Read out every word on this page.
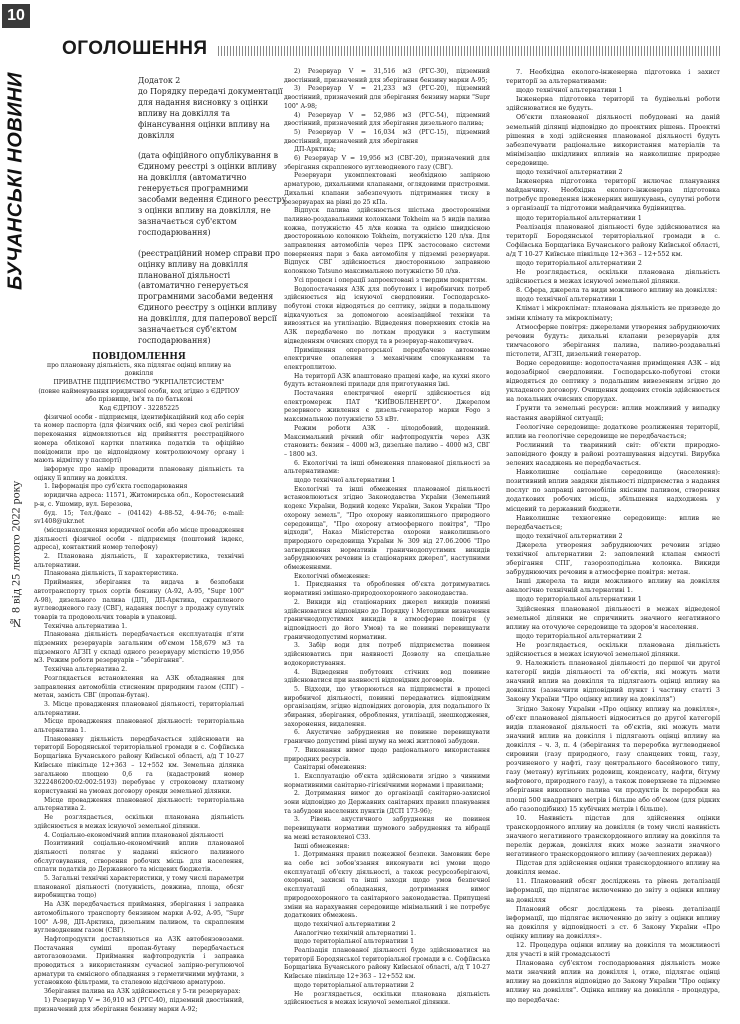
10
БУЧАНСЬКІ НОВИНИ
№ 8 від 25 лютого 2022 року
ОГОЛОШЕННЯ

Додаток 2

до Порядку передачі документації для надання висновку з оцінки впливу на довкілля та фінансування оцінки впливу на довкілля

(дата офіційного опублікування в Єдиному реєстрі з оцінки впливу на довкілля (автоматично генерується програмними засобами ведення Єдиного реєстру з оцінки впливу на довкілля, не зазначається суб'єктом господарювання)

(реєстраційний номер справи про оцінку впливу на довкілля планованої діяльності (автоматично генерується програмними засобами ведення Єдиного реєстру з оцінки впливу на довкілля, для паперової версії зазначається суб'єктом господарювання)

ПОВІДОМЛЕННЯ

про плановану діяльність, яка підлягає оцінці впливу на довкілля

ПРИВАТНЕ ПІДПРИЄМСТВО "УКРПАЛЕТСИСТЕМ"

(повне найменування юридичної особи, код згідно з ЄДРПОУ або прізвище, ім'я та по батькові

Код ЄДРПОУ - 32285225

фізичної особи - підприємця, ідентифікаційний код або серія та номер паспорта (для фізичних осіб, які через свої релігійні переконання відмовляються від прийняття реєстраційного номера облікової картки платника податків та офіційно повідомили про це відповідному контролюючому органу і мають відмітку у паспорті)

інформує про намір провадити плановану діяльність та оцінку її впливу на довкілля.

1. Інформація про суб'єкта господарювання

юридична адреса: 11571, Житомирська обл., Коростенський р-н, с. Ушомир, вул. Березова,

буд. 15; Тел./факс – (04142) 4-88-52, 4-94-76; e-mail: sv1408@ukr.net

(місцезнаходження юридичної особи або місце провадження діяльності фізичної особи - підприємця (поштовий індекс, адреса), контактний номер телефону)

2. Планована діяльність, її характеристика, технічні альтернативи.

Планована діяльність, її характеристика.

Приймання, зберігання та видача в безпобаки автотранспорту трьох сортів бензину (А-92, А-95, "Supr 100" А-98), дизельного палива (ДП), ДП-Арктика, скрапленого вуглеводневого газу (СВГ), надання послуг з продажу супутніх товарів та продовольчих товарів в упаковці.

Технічна альтернатива 1.

Планована діяльність передбачається експлуатація п'яти підземних резервуарів загальним об'ємом 158,679 м3 та підземного АГЗП у складі одного резервуару місткістю 19,956 м3. Режим роботи резервуарів – "зберігання".

Технічна альтернатива 2.

Розглядається встановлення на АЗК обладнання для заправлення автомобілів стисненим природним газом (СПГ) – метан, замість СВГ (пропан-бутан).

3. Місце провадження планованої діяльності, територіальні альтернативи.

Місце провадження планованої діяльності: територіальна альтернатива 1.

Планованну діяльність передбачається здійснювати на території Бородянської територіальної громади в с. Софіївська Борщагівка Бучанського району Київської області, а/д Т 10-27 Київське півкільце 12+363 – 12+552 км. Земельна ділянка загальною площею 0,6 га (кадастровий номер 3222486200:02:002:5193) перебуває у строковому платному користуванні на умовах договору оренди земельної ділянки.

Місце провадження планованої діяльності: територіальна альтернатива 2.

Не розглядається, оскільки планована діяльність здійснюється в межах існуючої земельної ділянки.

4. Соціально-економічний вплив планованої діяльності

Позитивний соціально-економічний вплив планованої діяльності полягає у наданні якісного паливного обслуговування, створення робочих місць для населення, сплати податків до Державного та місцевих бюджетів.

5. Загальні технічні характеристики, у тому числі параметри планованої діяльності (потужність, довжина, площа, обсяг виробництва тощо)

На АЗК передбачається приймання, зберігання і заправка автомобільного транспорту бензином марки А-92, А-95, "Supr 100" А-98, ДП-Арктика, дизельним паливом, та скрапленим вуглеводневим газом (СВГ).

Нафтопродукти доставляються на АЗК автобензовозами. Постачання суміші пропан-бутану передбачається автогазовозами. Приймання нафтопродуктів і заправка проводиться з використанням сучасної запірно-регулюючої арматури та ємнісного обладнання з герметичними муфтами, з установкою фільтрами, та сталевою відсічною арматурою.

Зберігання палива на АЗК здійснюється у 5-ти резервуарах:

1) Резервуар V = 36,910 м3 (РГС-40), підземний двостінний, призначений для зберігання бензину марки А-92;

2) Резервуар V = 31,516 м3 (РГС-30), підземний двостінний, призначений для зберігання бензину марки А-95;

3) Резервуар V = 21,233 м3 (РГС-20), підземний двостінний, призначений для зберігання бензину марки "Supr 100" А-98;

4) Резервуар V = 52,986 м3 (РГС-54), підземний двостінний, призначений для зберігання дизельного палива;

5) Резервуар V = 16,034 м3 (РГС-15), підземний двостінний, призначений для зберігання

ДП-Арктика;

6) Резервуар V = 19,956 м3 (СВГ-20), призначений для зберігання скрапленого вуглеводневого газу (СВГ).

Резервуари укомплектовані необхідною запірною арматурою, дихальними клапанами, оглядовими пристроями. Дихальні клапани забезпечують підтримання тиску в резервуарах на рівні до 25 кПа.

Відпуск палива здійснюється шістьма двосторонніми паливно-роздавальними колонками Tokheim на 5 видів палива кожна, потужністю 45 л/хв кожна та однією швидкісною двосторонньою колонкою Tokheim, потужністю 120 л/хв. Для заправлення автомобілів через ПРК застосовано системи повернення пари з бака автомобіля у підземні резервуари. Відпуск СВГ здійснюється двосторонньою заправною колонкою Tatsuno максимальною потужністю 50 л/хв.

Усі процеси і операції запроектовані з твердим покриттям.

Водопостачання АЗК для побутових і виробничих потреб здійснюється від існуючої свердловини. Господарсько-побутові стоки відводяться до септику, звідки в подальшому відкачуються за допомогою асенізаційної техніки та вивозяться на утилізацію. Відведення поверхневих стоків на АЗК передбачено по лоткам продувки з наступним відведенням очисних споруд та в резервуар-накопичувач.

Приміщення операторської передбачено автономне електричне опалення з механічним спонуканням та електроплитою.

На території АЗК влаштовано пращеві кафе, на кухні якого будуть встановлені прилади для приготування їжі.

Постачання електричної енергії здійснюється від електромереж ПАТ "КИЇВОБЛЕНЕРГО". Джерелом резервного живлення є дизель-генератор марки Fogo з максимальною потужністю 53 кВт.

Режим роботи АЗК - цілодобовий, щоденний. Максимальний річний обіг нафтопродуктів через АЗК становить: бензин – 4000 м3, дизельне паливо – 4000 м3, СВГ – 1800 м3.

6. Екологічні та інші обмеження планованої діяльності за альтернативами:

щодо технічної альтернативи 1

Екологічні та інші обмеження планованої діяльності встановлюються згідно Законодавства України (Земельний кодекс України, Водний кодекс України, Закон України "Про охорону земель", "Про охорону навколишнього природного середовища", "Про охорону атмосферного повітря", "Про відходи", Наказ Міністерства охорони навколишнього природного середовища України № 309 від 27.06.2006 "Про затвердження нормативів граничнодопустимих викидів забруднюючих речовин із стаціонарних джерел", наступними обмеженнями.

Екологічні обмеження:

1. Приєднання та оброблення об'єкта дотримуватись нормативні змішано-природоохоронного законодавства.

2. Викиди від стаціонарних джерел викидів повинні здійснюватися відповідно до Порядку і Методики визначення граничнодопустимих викидів в атмосферне повітря (у відповідності до його Умов) та не повинні перевищувати граничнодопустимі нормативи.

3. Забір води для потреб підприємства повинен здійснюватись при наявності Дозволу на спеціальне водокористування.

4. Відведення побутових стічних вод повинне здійснюватися при наявності відповідних договорів.

5. Відходи, що утворюються на підприємстві в процесі виробничої діяльності, повинні передаватись відповідним організаціям, згідно відповідних договорів, для подальшого їх збирання, зберігання, оброблення, утилізації, знешкодження, захоронення, видалення.

6. Акустичне забруднення не повинне перевищувати гранично допустимі рівні шуму на межі житлової забудови.

7. Виконання вимог щодо раціонального використання природних ресурсів.

Санітарні обмеження:

1. Експлуатацію об'єкта здійснювати згідно з чинними нормативними санітарно-гігієнічними нормами і правилами;

2. Дотримання вимог до організації санітарно-захисної зони відповідно до Державних санітарних правил планування та забудови населених пунктів (ДСП 173-96);

3. Рівень акустичного забруднення не повинен перевищувати нормативи шумового забруднення та вібрації на межі встановленої СЗЗ.

Інші обмеження:

1. Дотримання правил пожежної безпеки. Замовник бере на себе всі зобов'язання виконувати всі умови щодо експлуатації об'єкту діяльності, а також ресурсозберігаючі, охоронні, захисні та інші заходи щодо умов безпечної експлуатації обладнання, дотримання вимог природоохоронного та санітарного законодавства. Припущені зміни на нарахування середовище мінімальний і не потребує додаткових обмежень.

щодо технічної альтернативи 2

Аналогічно технічній альтернативі 1.

щодо територіальної альтернативи 1

Реалізація планованої діяльності буде здійснюватися на території Бородянської територіальної громади в с. Софіївська Борщагівка Бучанського району Київської області, а/д Т 10-27 Київське півкільце 12+363 – 12+552 км.

щодо територіальної альтернативи 2

Не розглядається, оскільки планована діяльність здійснюється в межах існуючої земельної ділянки.

7. Необхідна еколого-інженерна підготовка і захист території за альтернативами:

щодо технічної альтернативи 1

Інженерна підготовка території та будівельні роботи здійснюватися не будуть.

Об'єкти планованої діяльності побудовані на даній земельній ділянці відповідно до проектних рішень. Проектні рішення в ході здійснення планованої діяльності будуть забезпечувати раціональне використання матеріалів та мінімізацію шкідливих впливів на навколишнє природне середовище.

щодо технічної альтернативи 2

Інженерна підготовка території включає планування майданчику. Необхідна еколого-інженерна підготовка потребує проведення інженерних вишукувань, супутні роботи з організації та підготовки майданчика будівництва.

щодо територіальної альтернативи 1

Реалізація планованої діяльності буде здійснюватися на території Бородянської територіальної громади в с. Софіївська Борщагівка Бучанського району Київської області, а/д Т 10-27 Київське півкільце 12+363 – 12+552 км.

щодо територіальної альтернативи 2

Не розглядається, оскільки планована діяльність здійснюється в межах існуючої земельної ділянки.

8. Сфера, джерела та види можливого впливу на довкілля:

щодо технічної альтернативи 1

Клімат і мікроклімат: планована діяльність не призведе до зміни клімату та мікроклімату;

Атмосферне повітря: джерелами утворення забруднюючих речовин будуть: дихальні клапани резервуарів для тимчасового зберігання палива, паливо-роздавальні пістолети, АГЗП, дизельний генератор.

Водне середовище: водопостачання приміщення АЗК – від водозабірної свердловини. Господарсько-побутові стоки відводяться до септику з подальшим вивезенням згідно до укладеного договору. Очищення дощових стоків здійснюється на локальних очисних спорудах.

Ґрунти та земельні ресурси: вплив можливий у випадку настання аварійної ситуації;

Геологічне середовище: додаткове розлиження території, вплив на геологічне середовище не передбачається;

Рослинний та тваринний світ: об'єкти природно-заповідного фонду в районі розташування відсутні. Вирубка зелених насаджень не передбачається.

Навколишнє соціальне середовище (населення): позитивний вплив завдяки діяльності підприємства з надання послуг по заправці автомобілів якісним паливом, створення додаткових робочих місць, збільшення надходжень у місцевий та державний бюджети.

Навколишнє техногенне середовище: вплив не передбачається;

щодо технічної альтернативи 2

Джерела утворення забруднюючих речовин згідно технічної альтернативи 2: заповлений клапан ємності зберігання СПГ, газорозподільна колонка. Викиди забруднюючих речовин в атмосферне повітря: метан.

Інші джерела та види можливого впливу на довкілля аналогічно технічній альтернативі 1.

щодо територіальної альтернативи 1

Здійснення планованої діяльності в межах відведеної земельної ділянки не спричинить значного негативного впливу на оточуюче середовище та здоров'я населення.

щодо територіальної альтернативи 2

Не розглядається, оскільки планована діяльність здійснюється в межах існуючої земельної ділянки.

9. Належність планованої діяльності до першої чи другої категорії видів діяльності та об'єктів, які можуть мати значний вплив на довкілля та підлягають оцінці впливу на довкілля (зазначити відповідний пункт і частину статті 3 Закону України "Про оцінку впливу на довкілля")

Згідно Закону України «Про оцінку впливу на довкілля», об'єкт планованої діяльності відноситься до другої категорії видів планованої діяльності та об'єктів, які можуть мати значний вплив на довкілля і підлягають оцінці впливу на довкілля – ч. 3, п. 4 (зберігання та переробка вуглеводневої сировини (газу природного, газу сланцевих товщ, газу, розчиненого у нафті, газу центрального басейнового типу, газу (метану) вугільних родовищ, конденсату, нафти, бітуму нафтового, природного газу), а також поверхневе та підземне зберігання викопного палива чи продуктів їх переробки на площі 500 квадратних метрів і більше або об'ємом (для рідких або газоподібних) 15 кубічних метрів і більше).

10. Наявність підстав для здійснення оцінки транскордонного впливу на довкілля (в тому числі наявність значного негативного транскордонного впливу на довкілля та перелік держав, довкілля яких може зазнати значного негативного транскордонного впливу (зачеплених держав))

Підстав для здійснення оцінки транскордонного впливу на довкілля немає.

11. Планований обсяг досліджень та рівень деталізації інформації, що підлягає включенню до звіту з оцінки впливу на довкілля

Плановий обсяг досліджень та рівень деталізації інформації, що підлягає включенню до звіту з оцінки впливу на довкілля у відповідності з ст. 6 Закону України «Про оцінку впливу на довкілля».

12. Процедура оцінки впливу на довкілля та можливості для участі в ній громадськості

Планована суб'єктом господарювання діяльність може мати значний вплив на довкілля і, отже, підлягає оцінці впливу на довкілля відповідно до Закону України "Про оцінку впливу на довкілля". Оцінка впливу на довкілля - процедура, що передбачає:
